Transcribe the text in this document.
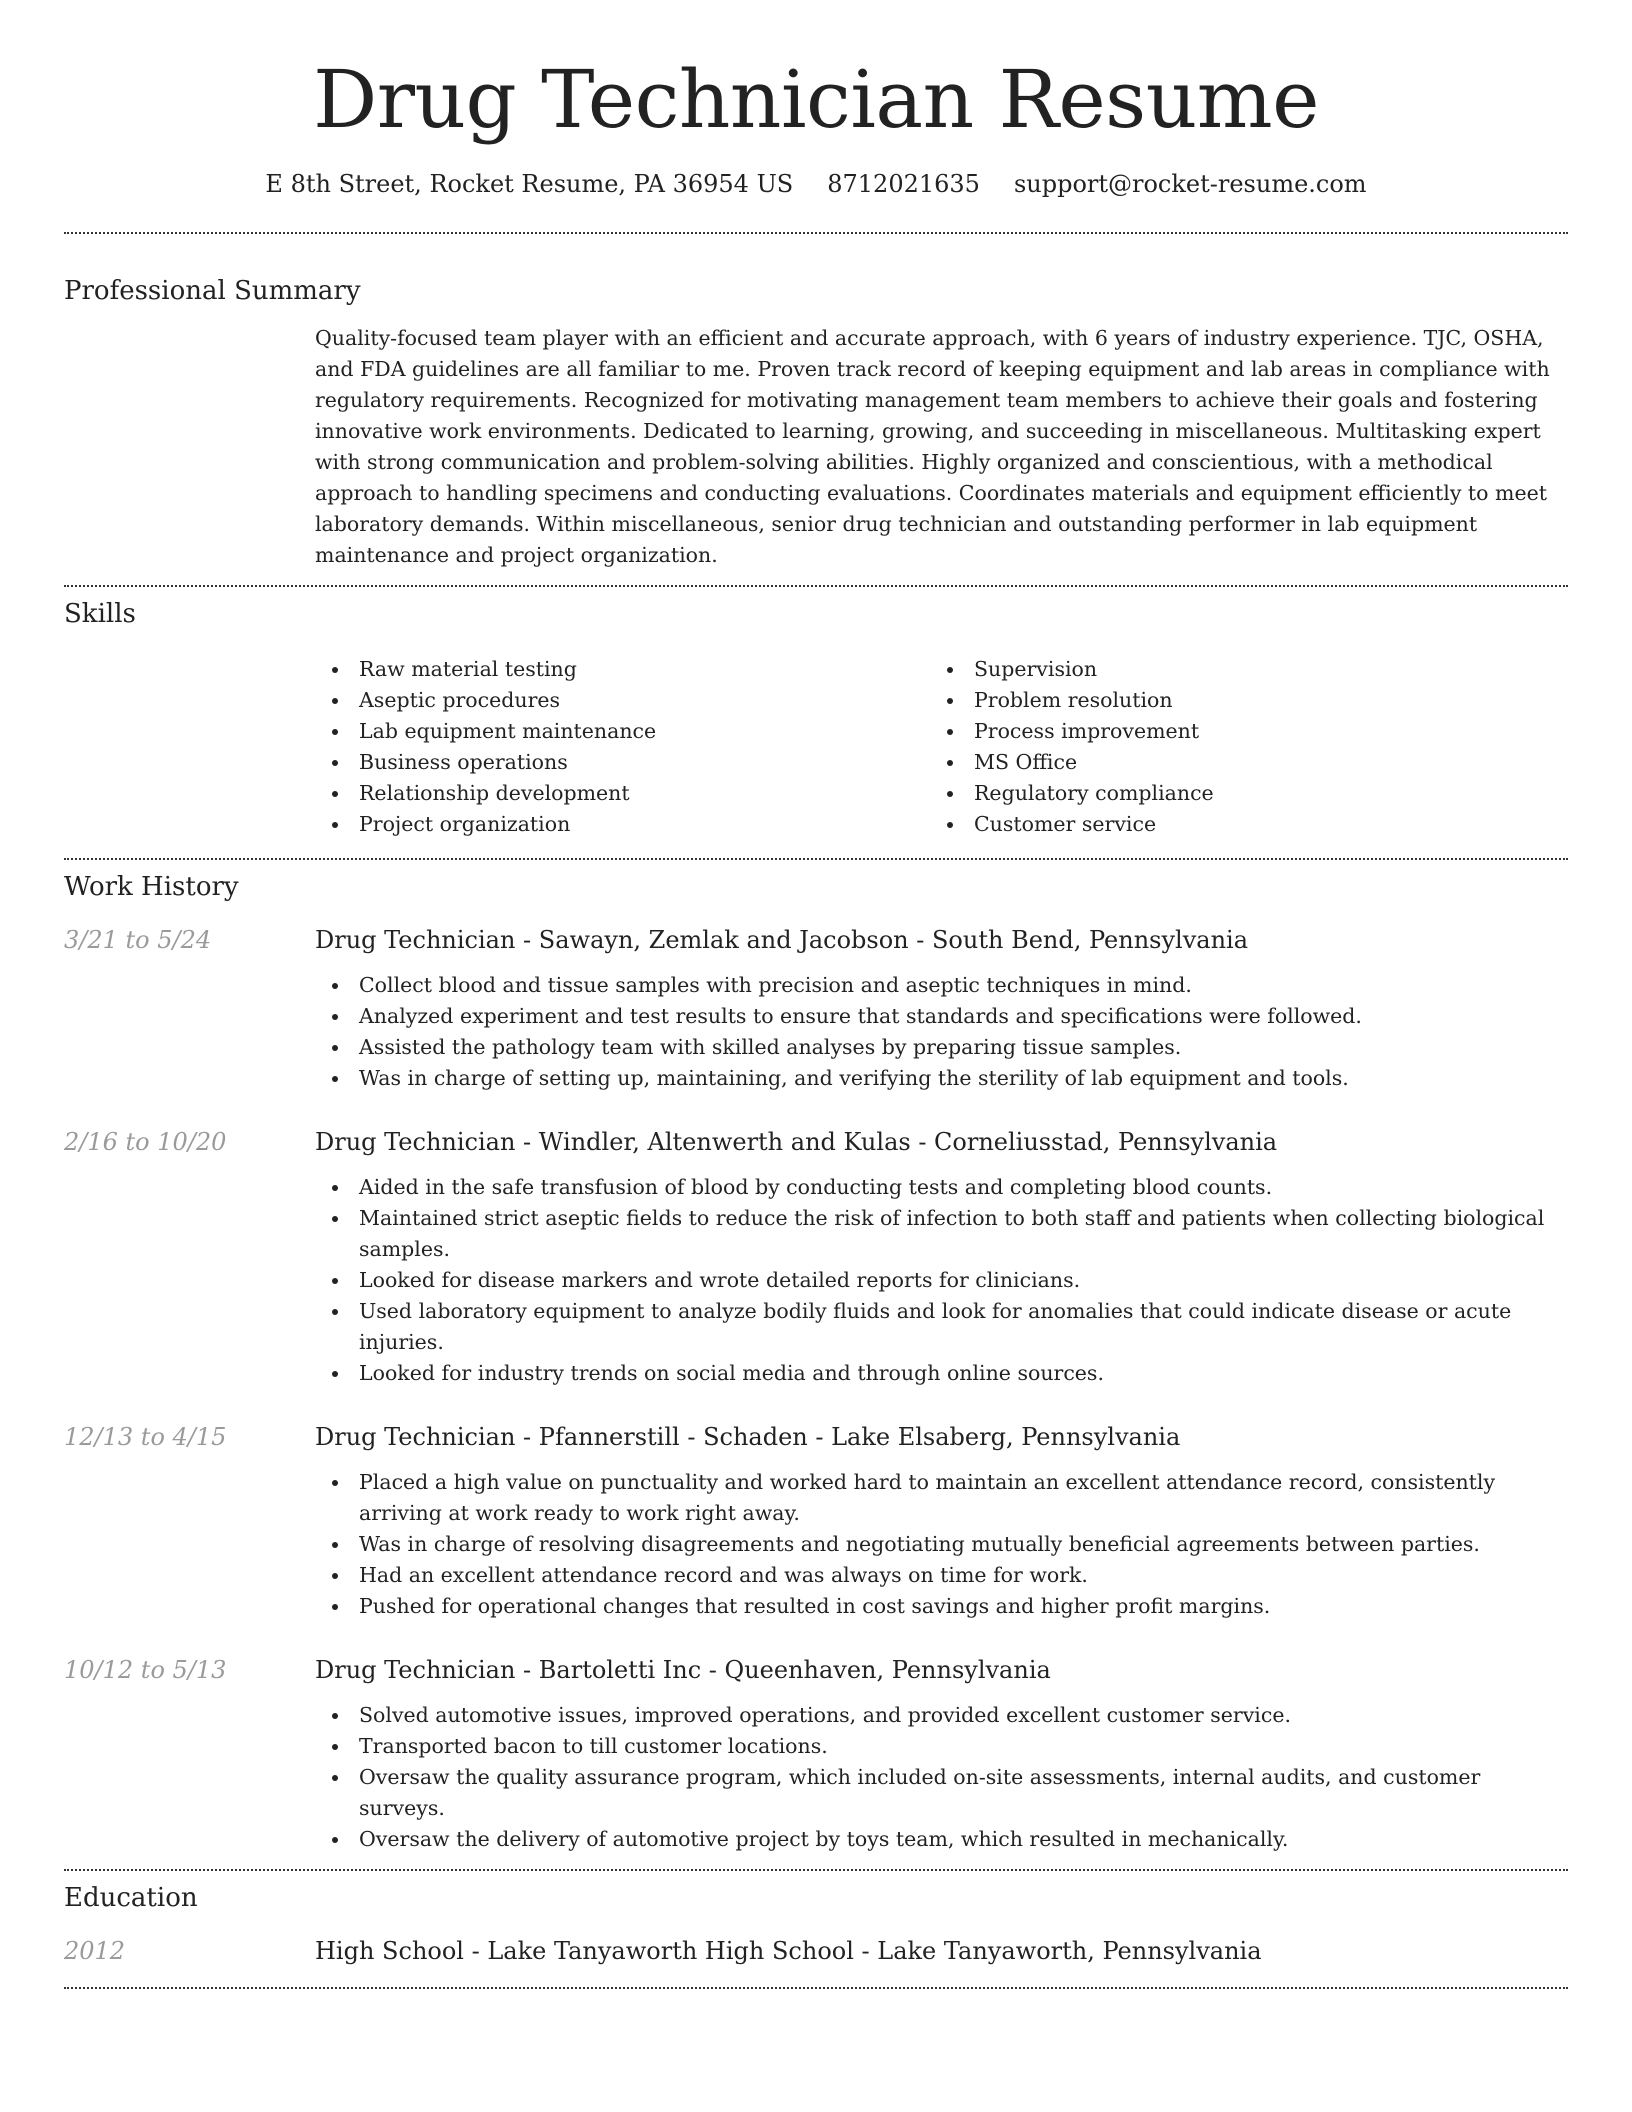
Drug Technician Resume
E 8th Street, Rocket Resume, PA 36954 US 8712021635 support@rocket-resume.com
Professional Summary
Quality-focused team player with an efficient and accurate approach, with 6 years of industry experience. TJC, OSHA, and FDA guidelines are all familiar to me. Proven track record of keeping equipment and lab areas in compliance with regulatory requirements. Recognized for motivating management team members to achieve their goals and fostering innovative work environments. Dedicated to learning, growing, and succeeding in miscellaneous. Multitasking expert with strong communication and problem-solving abilities. Highly organized and conscientious, with a methodical approach to handling specimens and conducting evaluations. Coordinates materials and equipment efficiently to meet laboratory demands. Within miscellaneous, senior drug technician and outstanding performer in lab equipment maintenance and project organization.
Skills
Raw material testing
Aseptic procedures
Lab equipment maintenance
Business operations
Relationship development
Project organization
Supervision
Problem resolution
Process improvement
MS Office
Regulatory compliance
Customer service
Work History
3/21 to 5/24	Drug Technician - Sawayn, Zemlak and Jacobson - South Bend, Pennsylvania
Collect blood and tissue samples with precision and aseptic techniques in mind.
Analyzed experiment and test results to ensure that standards and specifications were followed.
Assisted the pathology team with skilled analyses by preparing tissue samples.
Was in charge of setting up, maintaining, and verifying the sterility of lab equipment and tools.
2/16 to 10/20	Drug Technician - Windler, Altenwerth and Kulas - Corneliusstad, Pennsylvania
Aided in the safe transfusion of blood by conducting tests and completing blood counts.
Maintained strict aseptic fields to reduce the risk of infection to both staff and patients when collecting biological samples.
Looked for disease markers and wrote detailed reports for clinicians.
Used laboratory equipment to analyze bodily fluids and look for anomalies that could indicate disease or acute injuries.
Looked for industry trends on social media and through online sources.
12/13 to 4/15	Drug Technician - Pfannerstill - Schaden - Lake Elsaberg, Pennsylvania
Placed a high value on punctuality and worked hard to maintain an excellent attendance record, consistently arriving at work ready to work right away.
Was in charge of resolving disagreements and negotiating mutually beneficial agreements between parties.
Had an excellent attendance record and was always on time for work.
Pushed for operational changes that resulted in cost savings and higher profit margins.
10/12 to 5/13	Drug Technician - Bartoletti Inc - Queenhaven, Pennsylvania
Solved automotive issues, improved operations, and provided excellent customer service.
Transported bacon to till customer locations.
Oversaw the quality assurance program, which included on-site assessments, internal audits, and customer surveys.
Oversaw the delivery of automotive project by toys team, which resulted in mechanically.
Education
2012	High School - Lake Tanyaworth High School - Lake Tanyaworth, Pennsylvania
